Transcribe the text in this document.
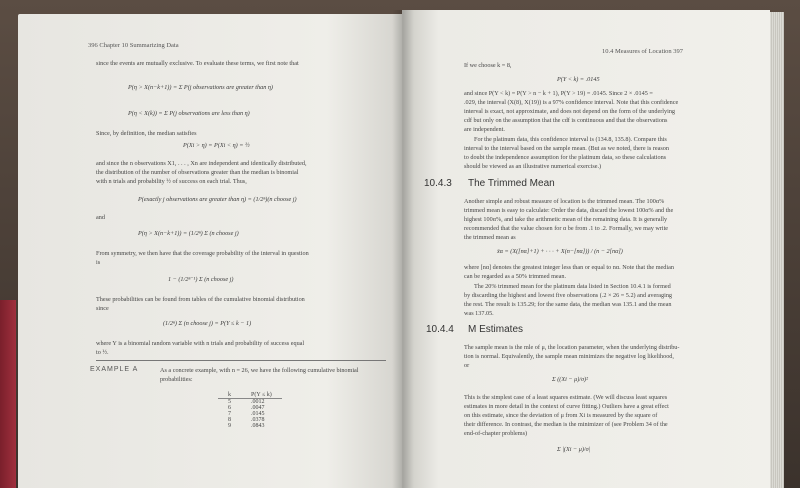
396 Chapter 10 Summarizing Data
since the events are mutually exclusive. To evaluate these terms, we first note that
P(η > X(n−k+1)) = Σ P(j observations are greater than η)
P(η < X(k)) = Σ P(j observations are less than η)
Since, by definition, the median satisfies
P(Xi > η) = P(Xi < η) = ½
and since the n observations X1, . . . , Xn are independent and identically distributed,
the distribution of the number of observations greater than the median is binomial
with n trials and probability ½ of success on each trial. Thus,
P(exactly j observations are greater than η) = (1/2ⁿ)(n choose j)
and
P(η > X(n−k+1)) = (1/2ⁿ) Σ (n choose j)
From symmetry, we then have that the coverage probability of the interval in question
is
1 − (1/2ⁿ⁻¹) Σ (n choose j)
These probabilities can be found from tables of the cumulative binomial distribution
since
(1/2ⁿ) Σ (n choose j) = P(Y ≤ k − 1)
where Y is a binomial random variable with n trials and probability of success equal
to ½.
EXAMPLE A	As a concrete example, with n = 26, we have the following cumulative binomial
probabilities:
k	P(Y ≤ k)
5	.0012
6	.0047
7	.0145
8	.0378
9	.0843
10.4 Measures of Location 397
If we choose k = 8,
P(Y < k) = .0145
and since P(Y < k) = P(Y > n − k + 1), P(Y > 19) = .0145. Since 2 × .0145 =
.029, the interval (X(8), X(19)) is a 97% confidence interval. Note that this confidence
interval is exact, not approximate, and does not depend on the form of the underlying
cdf but only on the assumption that the cdf is continuous and that the observations
are independent.
For the platinum data, this confidence interval is (134.8, 135.8). Compare this
interval to the interval based on the sample mean. (But as we noted, there is reason
to doubt the independence assumption for the platinum data, so these calculations
should be viewed as an illustrative numerical exercise.)
10.4.3 The Trimmed Mean
Another simple and robust measure of location is the trimmed mean. The 100α%
trimmed mean is easy to calculate: Order the data, discard the lowest 100α% and the
highest 100α%, and take the arithmetic mean of the remaining data. It is generally
recommended that the value chosen for α be from .1 to .2. Formally, we may write
the trimmed mean as
x̄α = (X([nα]+1) + · · · + X(n−[nα])) / (n − 2[nα])
where [nα] denotes the greatest integer less than or equal to nα. Note that the median
can be regarded as a 50% trimmed mean.
The 20% trimmed mean for the platinum data listed in Section 10.4.1 is formed
by discarding the highest and lowest five observations (.2 × 26 = 5.2) and averaging
the rest. The result is 135.29; for the same data, the median was 135.1 and the mean
was 137.05.
10.4.4 M Estimates
The sample mean is the mle of μ, the location parameter, when the underlying distribu-
tion is normal. Equivalently, the sample mean minimizes the negative log likelihood,
or
Σ ((Xi − μ)/σ)²
This is the simplest case of a least squares estimate. (We will discuss least squares
estimates in more detail in the context of curve fitting.) Outliers have a great effect
on this estimate, since the deviation of μ from Xi is measured by the square of
their difference. In contrast, the median is the minimizer of (see Problem 34 of the
end-of-chapter problems)
Σ |(Xi − μ)/σ|
